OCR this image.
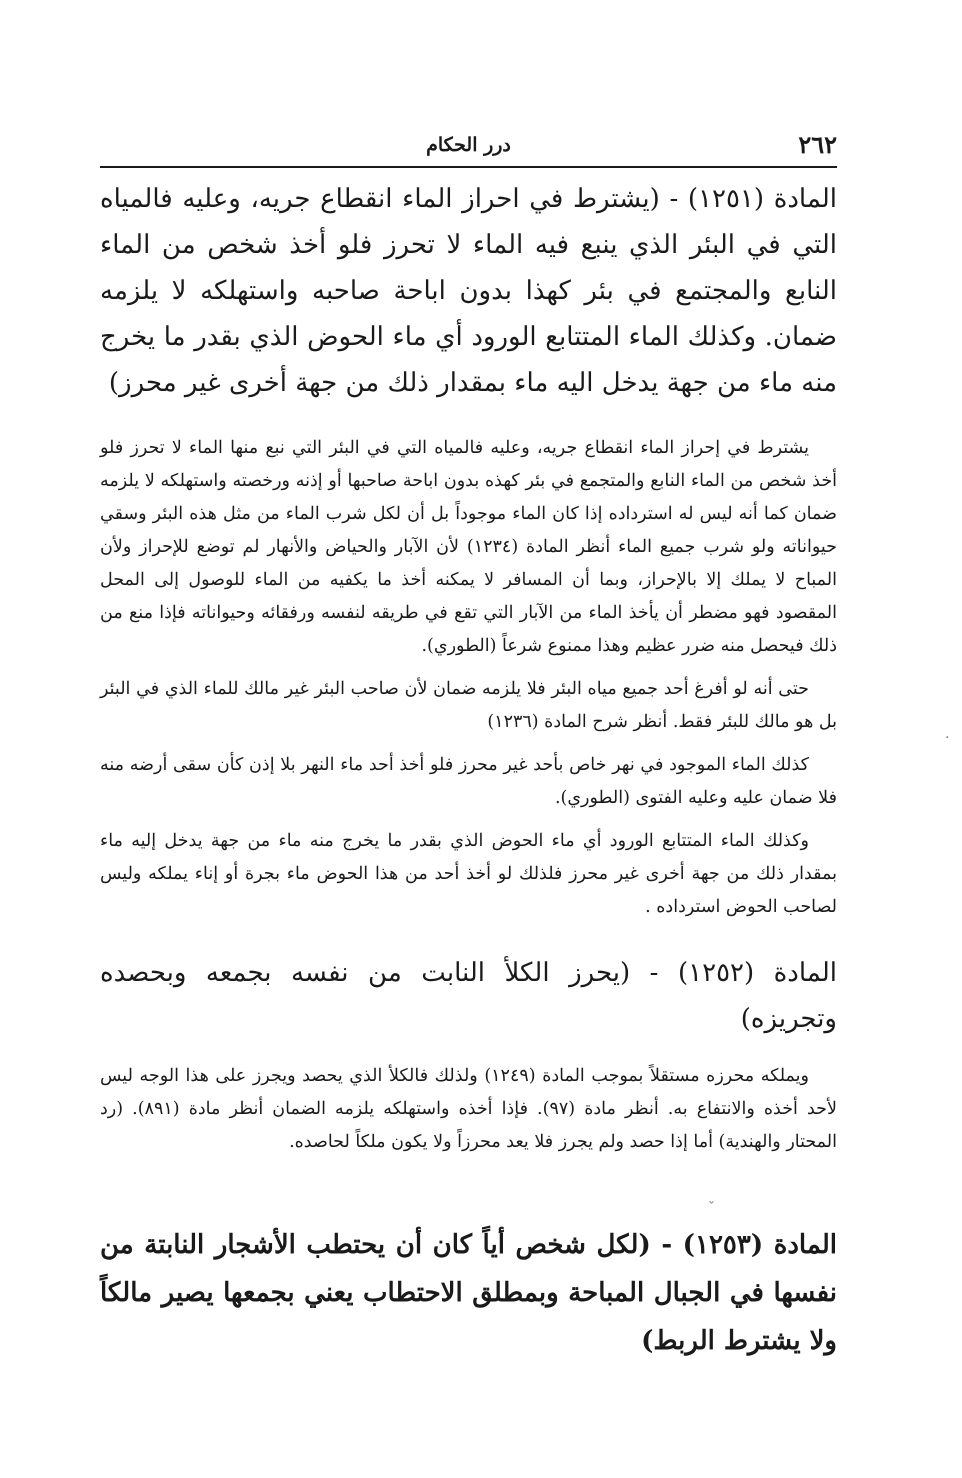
٢٦٢
درر الحكام

المادة (١٢٥١) - (يشترط في احراز الماء انقطاع جريه، وعليه فالمياه التي في البئر الذي ينبع فيه الماء لا تحرز فلو أخذ شخص من الماء النابع والمجتمع في بئر كهذا بدون اباحة صاحبه واستهلكه لا يلزمه ضمان. وكذلك الماء المتتابع الورود أي ماء الحوض الذي بقدر ما يخرج منه ماء من جهة يدخل اليه ماء بمقدار ذلك من جهة أخرى غير محرز)

يشترط في إحراز الماء انقطاع جريه، وعليه فالمياه التي في البئر التي نبع منها الماء لا تحرز فلو أخذ شخص من الماء النابع والمتجمع في بئر كهذه بدون اباحة صاحبها أو إذنه ورخصته واستهلكه لا يلزمه ضمان كما أنه ليس له استرداده إذا كان الماء موجوداً بل أن لكل شرب الماء من مثل هذه البئر وسقي حيواناته ولو شرب جميع الماء أنظر المادة (١٢٣٤) لأن الآبار والحياض والأنهار لم توضع للإحراز ولأن المباح لا يملك إلا بالإحراز، وبما أن المسافر لا يمكنه أخذ ما يكفيه من الماء للوصول إلى المحل المقصود فهو مضطر أن يأخذ الماء من الآبار التي تقع في طريقه لنفسه ورفقائه وحيواناته فإذا منع من ذلك فيحصل منه ضرر عظيم وهذا ممنوع شرعاً (الطوري).

حتى أنه لو أفرغ أحد جميع مياه البئر فلا يلزمه ضمان لأن صاحب البئر غير مالك للماء الذي في البئر بل هو مالك للبئر فقط. أنظر شرح المادة (١٢٣٦)

كذلك الماء الموجود في نهر خاص بأحد غير محرز فلو أخذ أحد ماء النهر بلا إذن كأن سقى أرضه منه فلا ضمان عليه وعليه الفتوى (الطوري).

وكذلك الماء المتتابع الورود أي ماء الحوض الذي بقدر ما يخرج منه ماء من جهة يدخل إليه ماء بمقدار ذلك من جهة أخرى غير محرز فلذلك لو أخذ أحد من هذا الحوض ماء بجرة أو إناء يملكه وليس لصاحب الحوض استرداده .

المادة (١٢٥٢) - (يحرز الكلأ النابت من نفسه بجمعه وبحصده وتجريزه)

ويملكه محرزه مستقلاً بموجب المادة (١٢٤٩) ولذلك فالكلأ الذي يحصد ويجرز على هذا الوجه ليس لأحد أخذه والانتفاع به. أنظر مادة (٩٧). فإذا أخذه واستهلكه يلزمه الضمان أنظر مادة (٨٩١). (رد المحتار والهندية) أما إذا حصد ولم يجرز فلا يعد محرزاً ولا يكون ملكاً لحاصده.

المادة (١٢٥٣) - (لكل شخص أياً كان أن يحتطب الأشجار النابتة من نفسها في الجبال المباحة وبمطلق الاحتطاب يعني بجمعها يصير مالكاً ولا يشترط الربط)

ˇ
·
